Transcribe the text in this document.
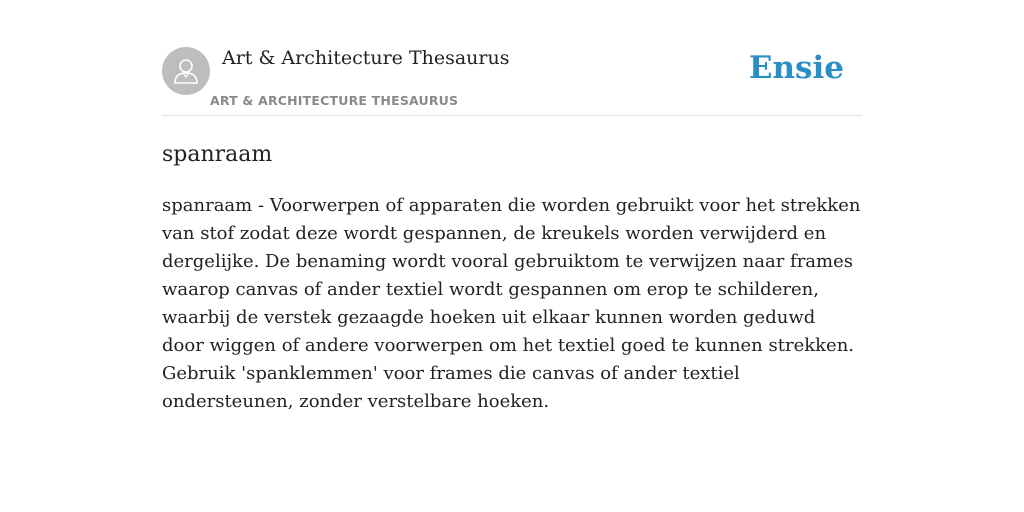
Art & Architecture Thesaurus
ART & ARCHITECTURE THESAURUS
Ensie
spanraam

spanraam - Voorwerpen of apparaten die worden gebruikt voor het strekken van stof zodat deze wordt gespannen, de kreukels worden verwijderd en dergelijke. De benaming wordt vooral gebruiktom te verwijzen naar frames waarop canvas of ander textiel wordt gespannen om erop te schilderen, waarbij de verstek gezaagde hoeken uit elkaar kunnen worden geduwd door wiggen of andere voorwerpen om het textiel goed te kunnen strekken. Gebruik 'spanklemmen' voor frames die canvas of ander textiel ondersteunen, zonder verstelbare hoeken.
